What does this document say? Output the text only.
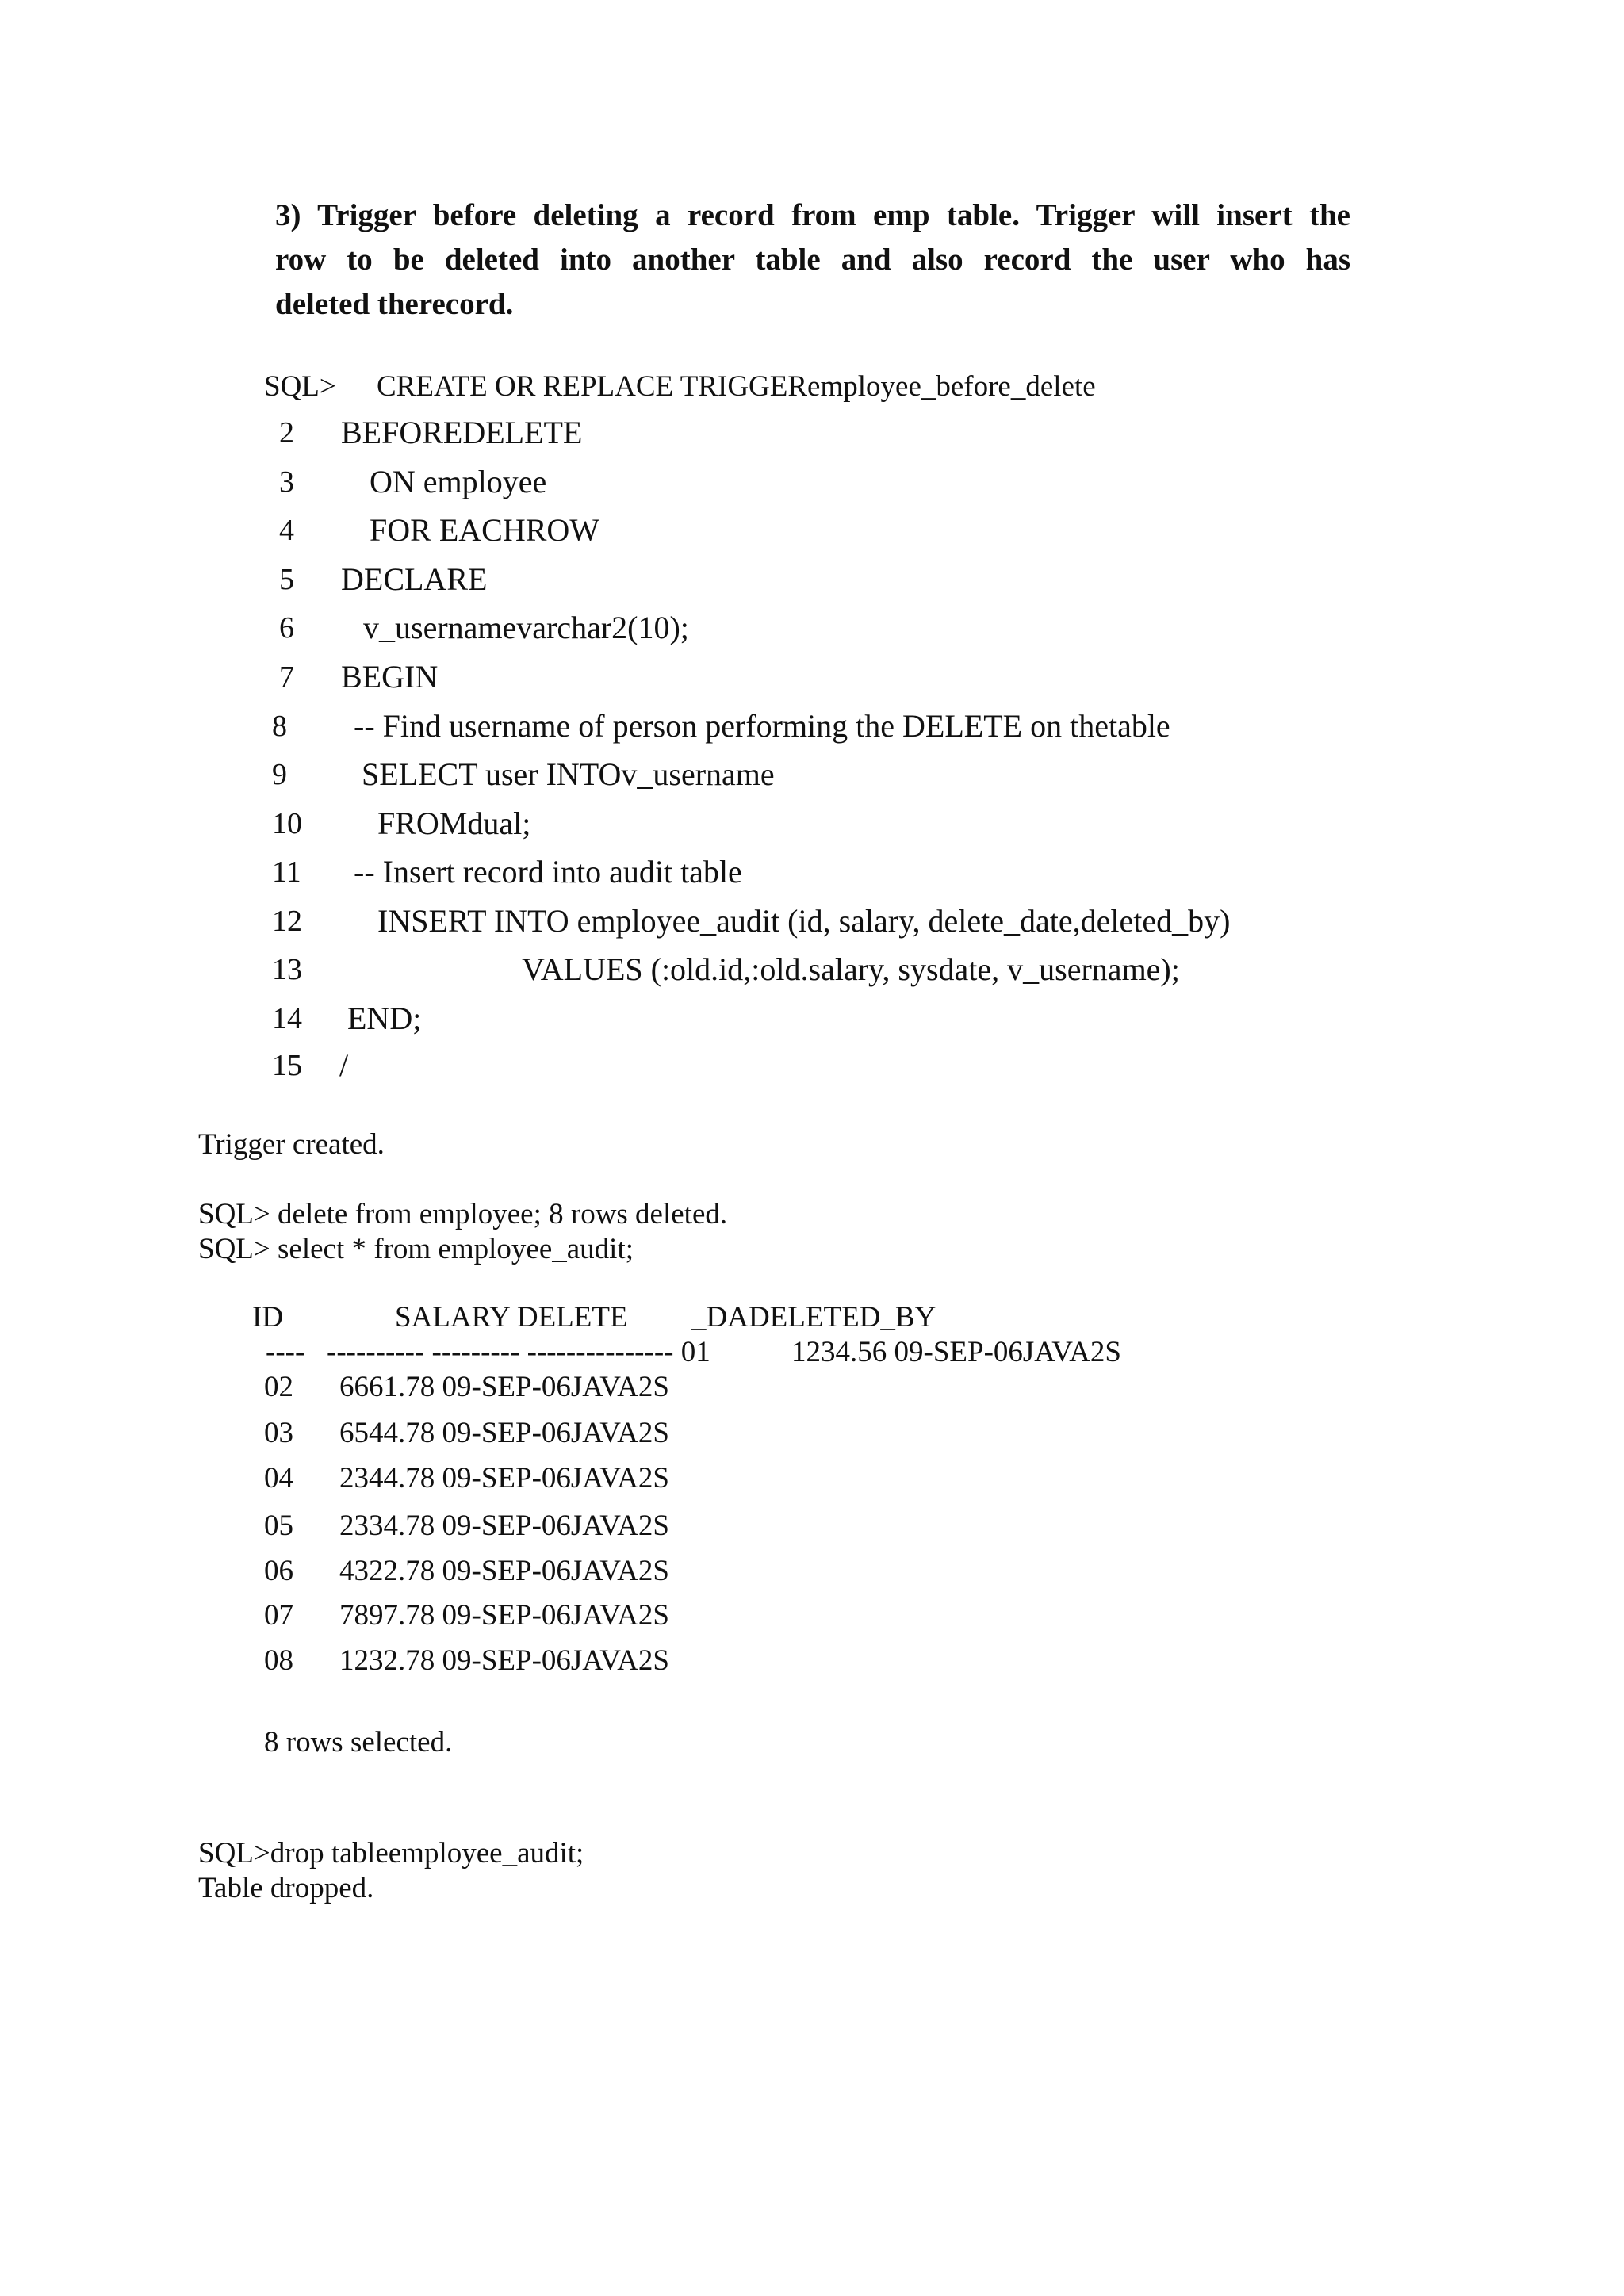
3) Trigger before deleting a record from emp table. Trigger will insert the
row to be deleted into another table and also record the user who has
deleted therecord.
SQL> CREATE OR REPLACE TRIGGERemployee_before_delete
2 BEFOREDELETE
3 ON employee
4 FOR EACHROW
5 DECLARE
6 v_usernamevarchar2(10);
7 BEGIN
8 -- Find username of person performing the DELETE on thetable
9 SELECT user INTOv_username
10 FROMdual;
11 -- Insert record into audit table
12 INSERT INTO employee_audit (id, salary, delete_date,deleted_by)
13	VALUES (:old.id,:old.salary, sysdate, v_username);
14 END;
15 /
Trigger created.
SQL> delete from employee; 8 rows deleted.
SQL> select * from employee_audit;
ID	SALARY DELETE _DADELETED_BY
----   ---------- --------- --------------- 01	1234.56 09-SEP-06JAVA2S
02 6661.78 09-SEP-06JAVA2S
03 6544.78 09-SEP-06JAVA2S
04 2344.78 09-SEP-06JAVA2S
05 2334.78 09-SEP-06JAVA2S
06 4322.78 09-SEP-06JAVA2S
07 7897.78 09-SEP-06JAVA2S
08 1232.78 09-SEP-06JAVA2S
8 rows selected.
SQL>drop tableemployee_audit;
Table dropped.
